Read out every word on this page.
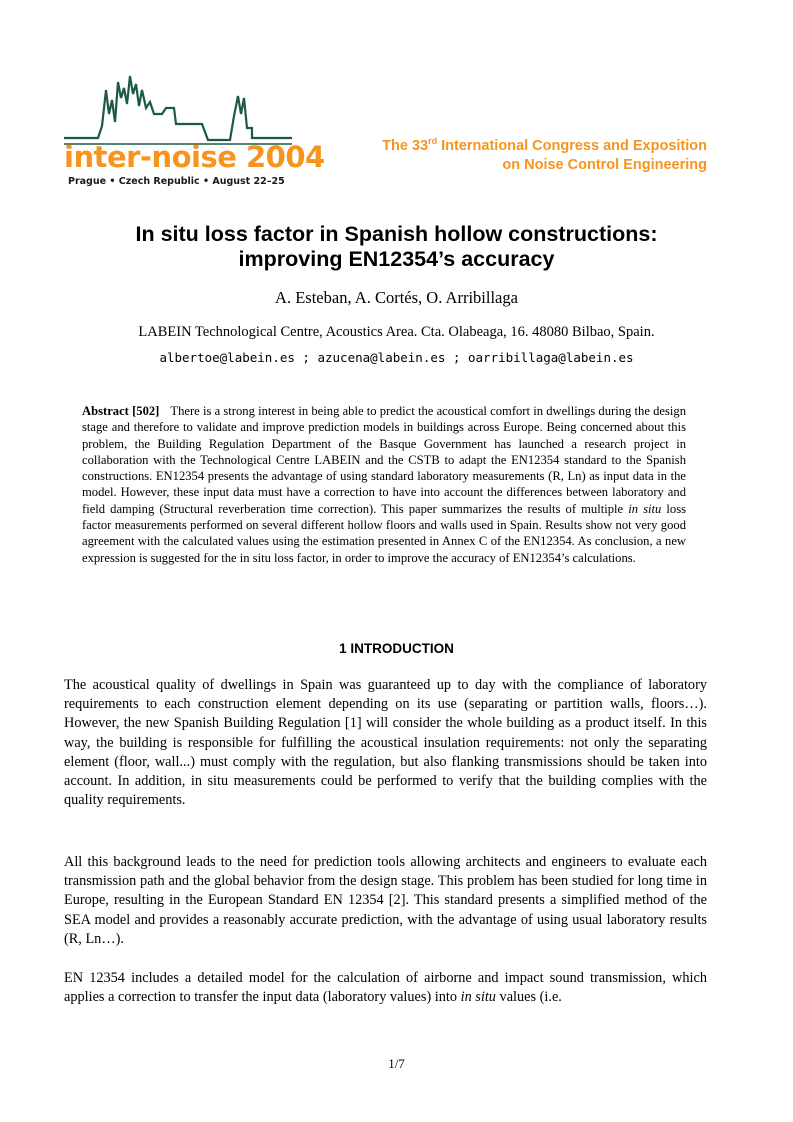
inter-noise 2004
Prague • Czech Republic • August 22–25
The 33rd International Congress and Exposition
on Noise Control Engineering
In situ loss factor in Spanish hollow constructions:
improving EN12354’s accuracy
A. Esteban, A. Cortés, O. Arribillaga
LABEIN Technological Centre, Acoustics Area. Cta. Olabeaga, 16. 48080 Bilbao, Spain.
albertoe@labein.es ; azucena@labein.es ; oarribillaga@labein.es

Abstract [502] There is a strong interest in being able to predict the acoustical comfort in dwellings during the design stage and therefore to validate and improve prediction models in buildings across Europe. Being concerned about this problem, the Building Regulation Department of the Basque Government has launched a research project in collaboration with the Technological Centre LABEIN and the CSTB to adapt the EN12354 standard to the Spanish constructions. EN12354 presents the advantage of using standard laboratory measurements (R, Ln) as input data in the model. However, these input data must have a correction to have into account the differences between laboratory and field damping (Structural reverberation time correction). This paper summarizes the results of multiple in situ loss factor measurements performed on several different hollow floors and walls used in Spain. Results show not very good agreement with the calculated values using the estimation presented in Annex C of the EN12354. As conclusion, a new expression is suggested for the in situ loss factor, in order to improve the accuracy of EN12354’s calculations.

1 INTRODUCTION

The acoustical quality of dwellings in Spain was guaranteed up to day with the compliance of laboratory requirements to each construction element depending on its use (separating or partition walls, floors…). However, the new Spanish Building Regulation [1] will consider the whole building as a product itself. In this way, the building is responsible for fulfilling the acoustical insulation requirements: not only the separating element (floor, wall...) must comply with the regulation, but also flanking transmissions should be taken into account. In addition, in situ measurements could be performed to verify that the building complies with the quality requirements.

All this background leads to the need for prediction tools allowing architects and engineers to evaluate each transmission path and the global behavior from the design stage. This problem has been studied for long time in Europe, resulting in the European Standard EN 12354 [2]. This standard presents a simplified method of the SEA model and provides a reasonably accurate prediction, with the advantage of using usual laboratory results (R, Ln…).

EN 12354 includes a detailed model for the calculation of airborne and impact sound transmission, which applies a correction to transfer the input data (laboratory values) into in situ values (i.e.

1/7
